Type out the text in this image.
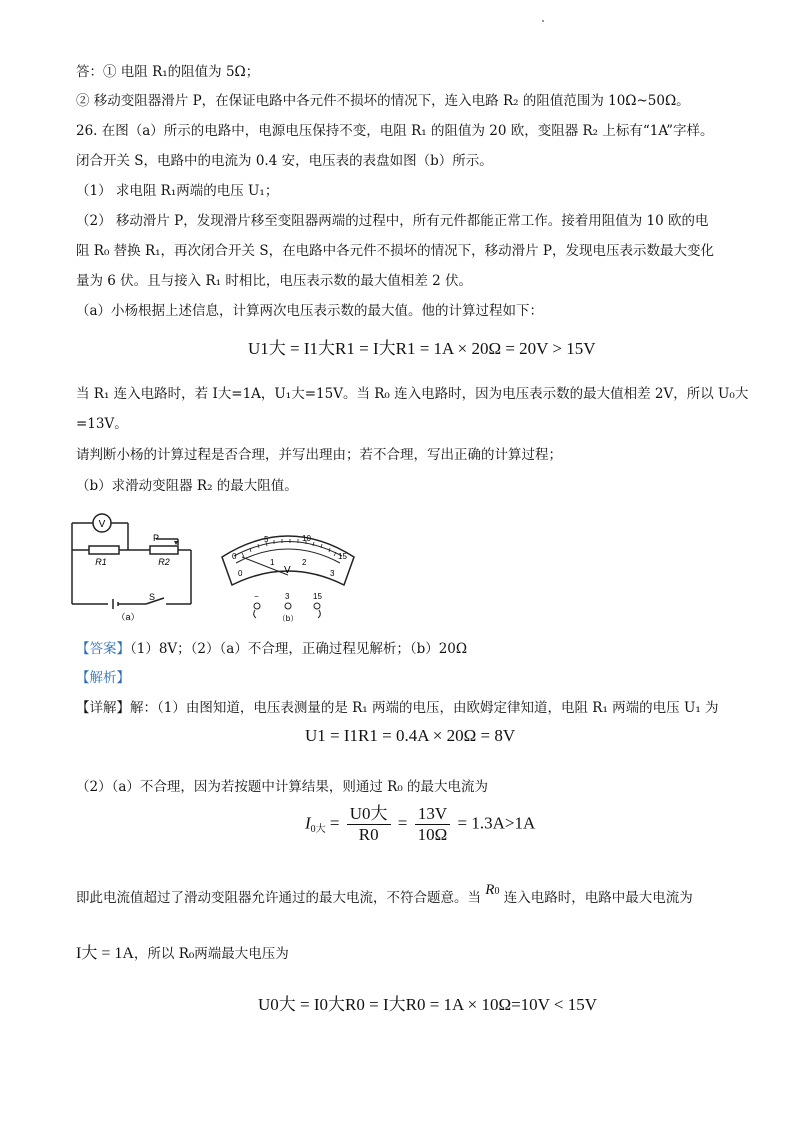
答：① 电阻 R₁的阻值为 5Ω；
② 移动变阻器滑片 P，在保证电路中各元件不损坏的情况下，连入电路 R₂ 的阻值范围为 10Ω~50Ω。
26. 在图（a）所示的电路中，电源电压保持不变，电阻 R₁ 的阻值为 20 欧，变阻器 R₂ 上标有“1A”字样。
闭合开关 S，电路中的电流为 0.4 安，电压表的表盘如图（b）所示。
（1） 求电阻 R₁两端的电压 U₁；
（2） 移动滑片 P，发现滑片移至变阻器两端的过程中，所有元件都能正常工作。接着用阻值为 10 欧的电
阻 R₀ 替换 R₁，再次闭合开关 S，在电路中各元件不损坏的情况下，移动滑片 P，发现电压表示数最大变化
量为 6 伏。且与接入 R₁ 时相比，电压表示数的最大值相差 2 伏。
（a）小杨根据上述信息，计算两次电压表示数的最大值。他的计算过程如下：
U1大 = I1大R1 = I大R1 = 1A × 20Ω = 20V > 15V
当 R₁ 连入电路时，若 I大=1A，U₁大=15V。当 R₀ 连入电路时，因为电压表示数的最大值相差 2V，所以 U₀大
=13V。
请判断小杨的计算过程是否合理，并写出理由；若不合理，写出正确的计算过程；
（b）求滑动变阻器 R₂ 的最大阻值。
V
R1	R2
P
S
（a）
0
5	10
15
0
1	2
3
V
−	3	15
（b）
【答案】（1）8V；（2）（a）不合理，正确过程见解析；（b）20Ω
【解析】
【详解】解：（1）由图知道，电压表测量的是 R₁ 两端的电压，由欧姆定律知道，电阻 R₁ 两端的电压 U₁ 为
U1 = I1R1 = 0.4A × 20Ω = 8V
（2）（a）不合理，因为若按题中计算结果，则通过 R₀ 的最大电流为
$I_{0大} = \frac{\text{U0大}}{R0} = \frac{13V}{10\Omega} = 1.3A>1A$
即此电流值超过了滑动变阻器允许通过的最大电流，不符合题意。当 R0 连入电路时，电路中最大电流为
I大 = 1A，所以 R₀两端最大电压为
U0大 = I0大R0 = I大R0 = 1A × 10Ω=10V < 15V
